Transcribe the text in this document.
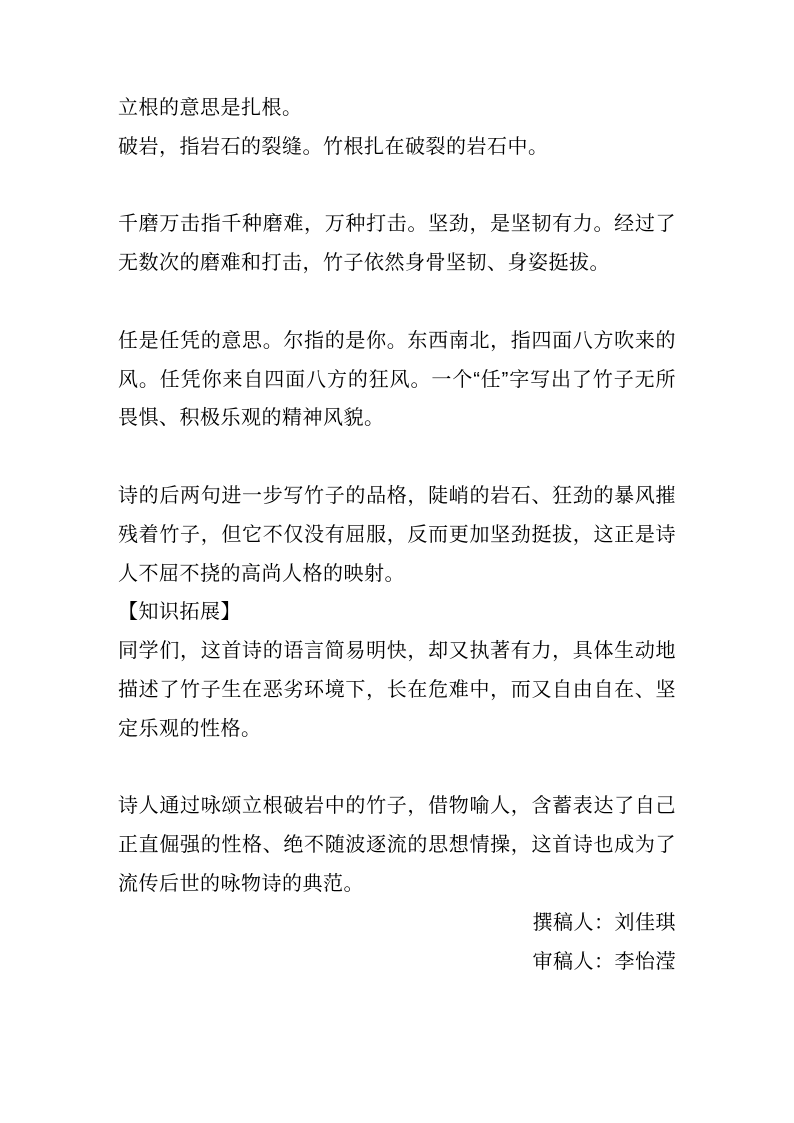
立根的意思是扎根。

破岩，指岩石的裂缝。竹根扎在破裂的岩石中。

千磨万击指千种磨难，万种打击。坚劲，是坚韧有力。经过了无数次的磨难和打击，竹子依然身骨坚韧、身姿挺拔。

任是任凭的意思。尔指的是你。东西南北，指四面八方吹来的风。任凭你来自四面八方的狂风。一个“任”字写出了竹子无所畏惧、积极乐观的精神风貌。

诗的后两句进一步写竹子的品格，陡峭的岩石、狂劲的暴风摧残着竹子，但它不仅没有屈服，反而更加坚劲挺拔，这正是诗人不屈不挠的高尚人格的映射。

【知识拓展】

同学们，这首诗的语言简易明快，却又执著有力，具体生动地描述了竹子生在恶劣环境下，长在危难中，而又自由自在、坚定乐观的性格。

诗人通过咏颂立根破岩中的竹子，借物喻人，含蓄表达了自己正直倔强的性格、绝不随波逐流的思想情操，这首诗也成为了流传后世的咏物诗的典范。

撰稿人：刘佳琪

审稿人：李怡滢
